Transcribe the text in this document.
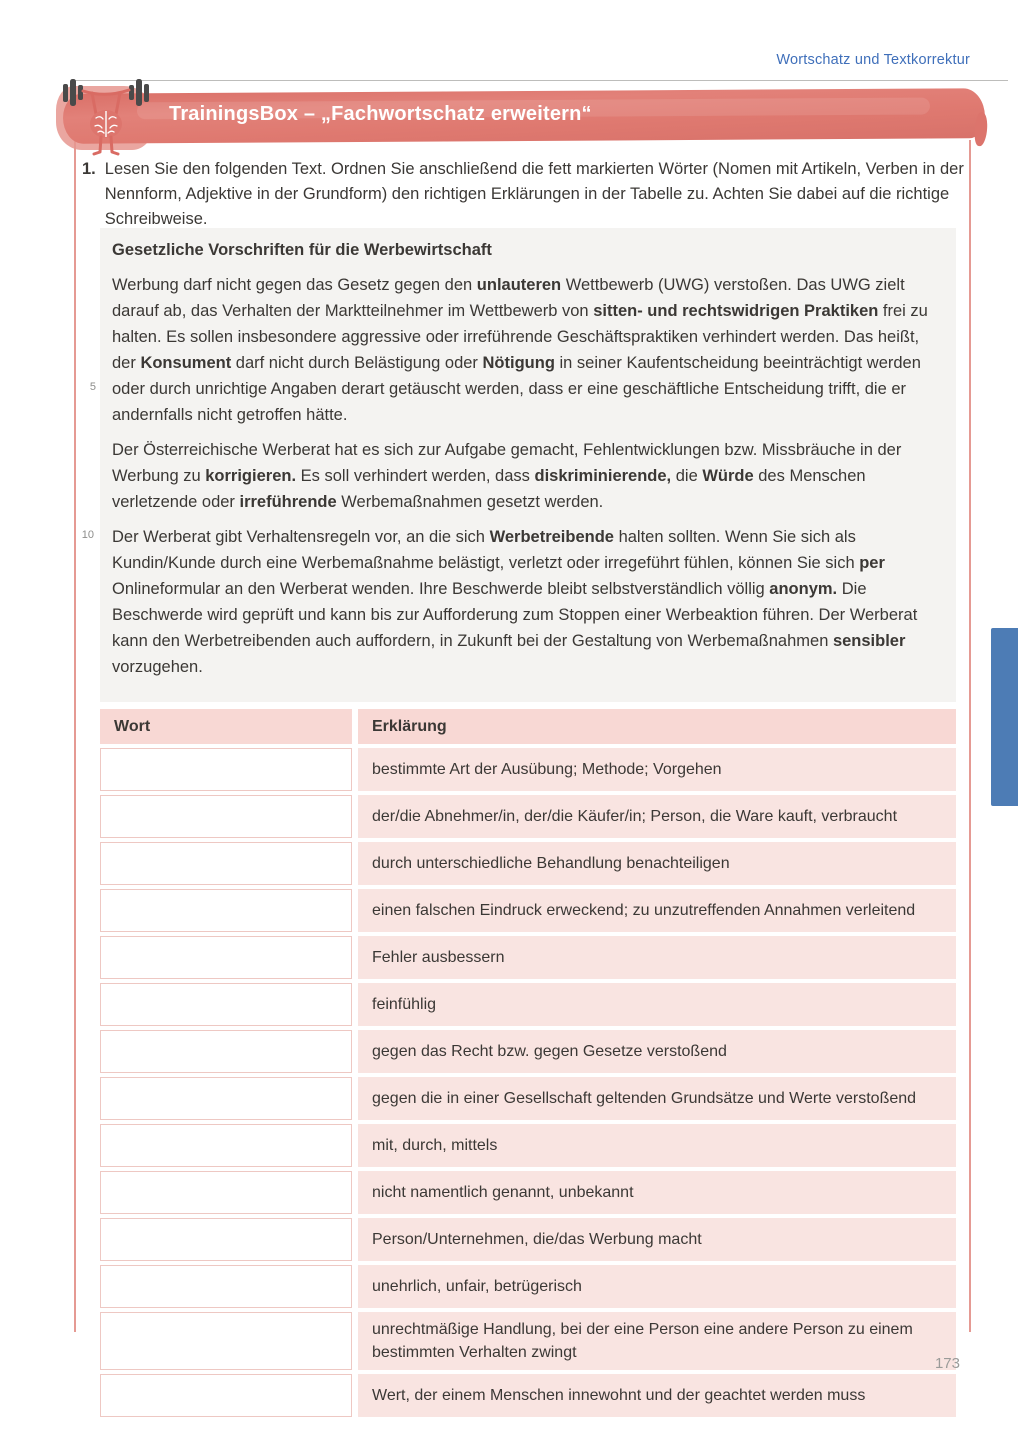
Wortschatz und Textkorrektur
TrainingsBox – „Fachwortschatz erweitern“
1. Lesen Sie den folgenden Text. Ordnen Sie anschließend die fett markierten Wörter (Nomen mit Artikeln, Verben in der Nennform, Adjektive in der Grundform) den richtigen Erklärungen in der Tabelle zu. Achten Sie dabei auf die richtige Schreibweise.

Gesetzliche Vorschriften für die Werbewirtschaft

Werbung darf nicht gegen das Gesetz gegen den unlauteren Wettbewerb (UWG) verstoßen. Das UWG zielt darauf ab, das Verhalten der Marktteilnehmer im Wettbewerb von sitten- und rechtswidrigen Praktiken frei zu halten. Es sollen insbesondere aggressive oder irreführende Geschäftspraktiken verhindert werden. Das heißt, der Konsument darf nicht durch Belästigung oder Nötigung in seiner Kaufentscheidung beeinträchtigt werden oder durch unrichtige Angaben derart getäuscht werden, dass er eine geschäftliche Entscheidung trifft, die er andernfalls nicht getroffen hätte.

Der Österreichische Werberat hat es sich zur Aufgabe gemacht, Fehlentwicklungen bzw. Missbräuche in der Werbung zu korrigieren. Es soll verhindert werden, dass diskriminierende, die Würde des Menschen verletzende oder irreführende Werbemaßnahmen gesetzt werden.

Der Werberat gibt Verhaltensregeln vor, an die sich Werbetreibende halten sollten. Wenn Sie sich als Kundin/Kunde durch eine Werbemaßnahme belästigt, verletzt oder irregeführt fühlen, können Sie sich per Onlineformular an den Werberat wenden. Ihre Beschwerde bleibt selbstverständlich völlig anonym. Die Beschwerde wird geprüft und kann bis zur Aufforderung zum Stoppen einer Werbeaktion führen. Der Werberat kann den Werbetreibenden auch auffordern, in Zukunft bei der Gestaltung von Werbemaßnahmen sensibler vorzugehen.

5
10
Wort	Erklärung
bestimmte Art der Ausübung; Methode; Vorgehen
der/die Abnehmer/in, der/die Käufer/in; Person, die Ware kauft, verbraucht
durch unterschiedliche Behandlung benachteiligen
einen falschen Eindruck erweckend; zu unzutreffenden Annahmen verleitend
Fehler ausbessern
feinfühlig
gegen das Recht bzw. gegen Gesetze verstoßend
gegen die in einer Gesellschaft geltenden Grundsätze und Werte verstoßend
mit, durch, mittels
nicht namentlich genannt, unbekannt
Person/Unternehmen, die/das Werbung macht
unehrlich, unfair, betrügerisch
unrechtmäßige Handlung, bei der eine Person eine andere Person zu einem bestimmten Verhalten zwingt
Wert, der einem Menschen innewohnt und der geachtet werden muss
173
